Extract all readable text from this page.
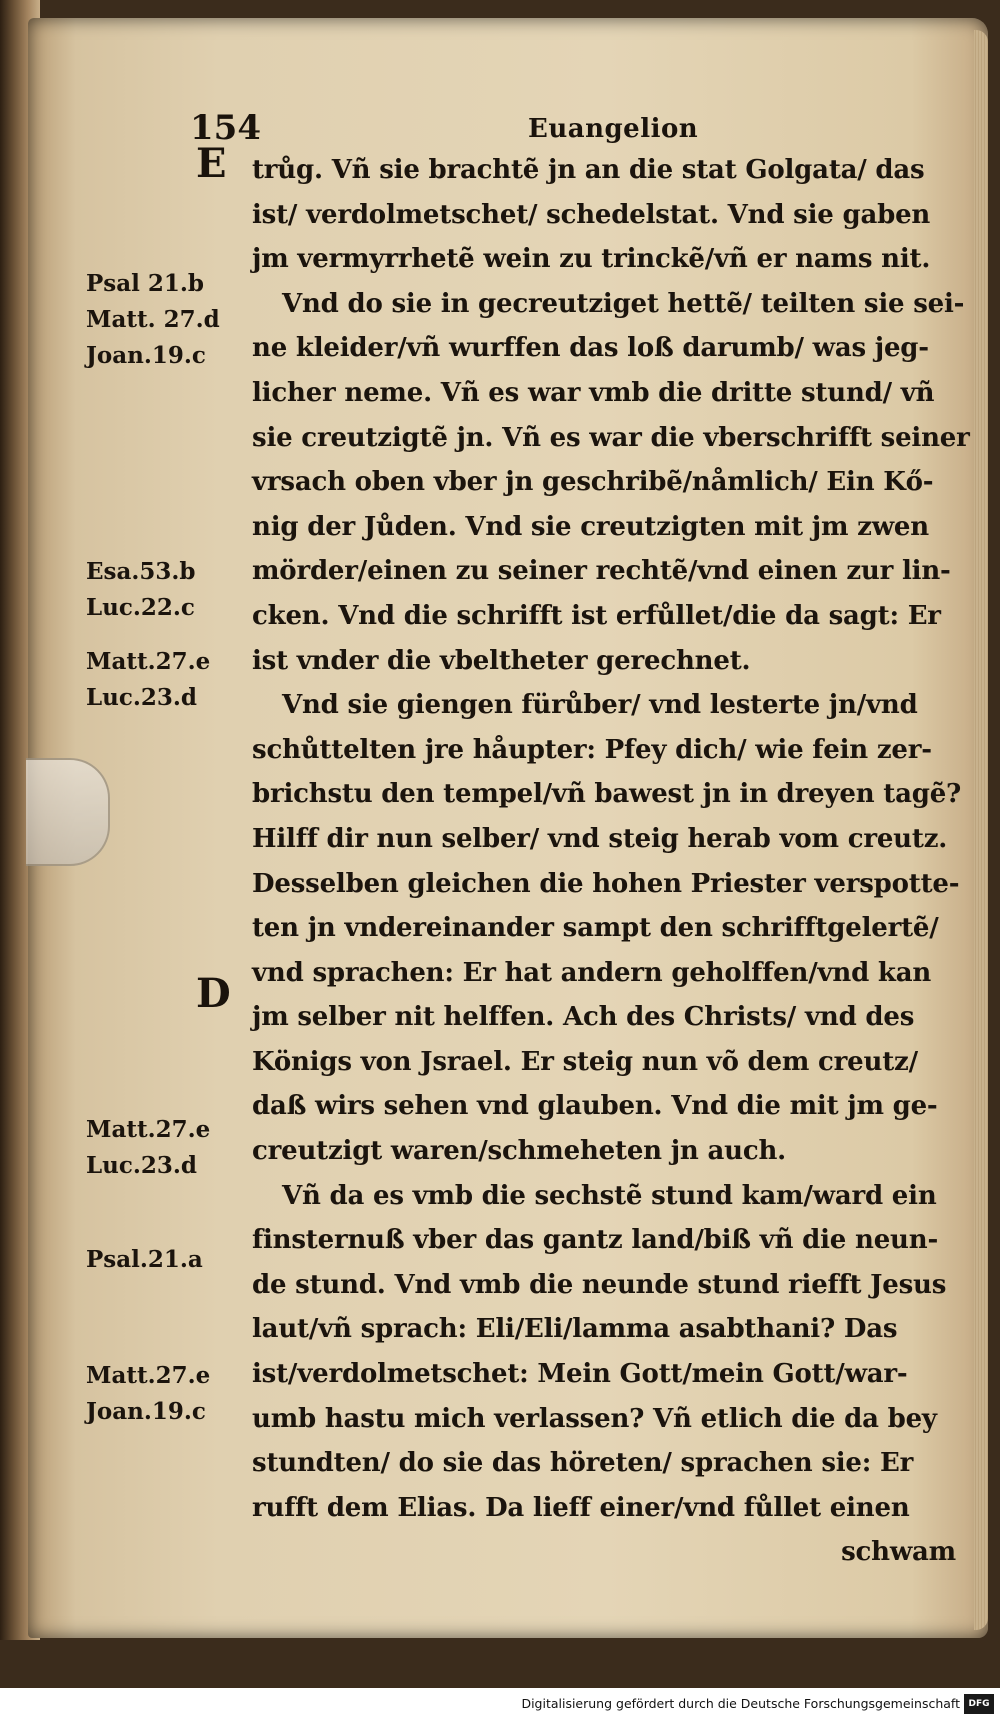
154	Euangelion
E
D
trůg. Vñ sie brachtẽ jn an die stat Golgata/ das
ist/ verdolmetschet/ schedelstat. Vnd sie gaben
jm vermyrrhetẽ wein zu trinckẽ/vñ er nams nit.
Vnd do sie in gecreutziget hettẽ/ teilten sie sei-
ne kleider/vñ wurffen das loß darumb/ was jeg-
licher neme. Vñ es war vmb die dritte stund/ vñ
sie creutzigtẽ jn. Vñ es war die vberschrifft seiner
vrsach oben vber jn geschribẽ/nåmlich/ Ein Kő-
nig der Jůden. Vnd sie creutzigten mit jm zwen
mörder/einen zu seiner rechtẽ/vnd einen zur lin-
cken. Vnd die schrifft ist erfůllet/die da sagt: Er
ist vnder die vbeltheter gerechnet.
Vnd sie giengen fürůber/ vnd lesterte jn/vnd
schůttelten jre håupter: Pfey dich/ wie fein zer-
brichstu den tempel/vñ bawest jn in dreyen tagẽ?
Hilff dir nun selber/ vnd steig herab vom creutz.
Desselben gleichen die hohen Priester verspotte-
ten jn vndereinander sampt den schrifftgelertẽ/
vnd sprachen: Er hat andern geholffen/vnd kan
jm selber nit helffen. Ach des Christs/ vnd des
Königs von Jsrael. Er steig nun võ dem creutz/
daß wirs sehen vnd glauben. Vnd die mit jm ge-
creutzigt waren/schmeheten jn auch.
Vñ da es vmb die sechstẽ stund kam/ward ein
finsternuß vber das gantz land/biß vñ die neun-
de stund. Vnd vmb die neunde stund riefft Jesus
laut/vñ sprach: Eli/Eli/lamma asabthani? Das
ist/verdolmetschet: Mein Gott/mein Gott/war-
umb hastu mich verlassen? Vñ etlich die da bey
stundten/ do sie das höreten/ sprachen sie: Er
rufft dem Elias. Da lieff einer/vnd fůllet einen
schwam
Psal 21.b
Matt. 27.d
Joan.19.c
Esa.53.b
Luc.22.c
Matt.27.e
Luc.23.d
Matt.27.e
Luc.23.d
Psal.21.a
Matt.27.e
Joan.19.c
Digitalisierung gefördert durch die Deutsche Forschungsgemeinschaft DFG
